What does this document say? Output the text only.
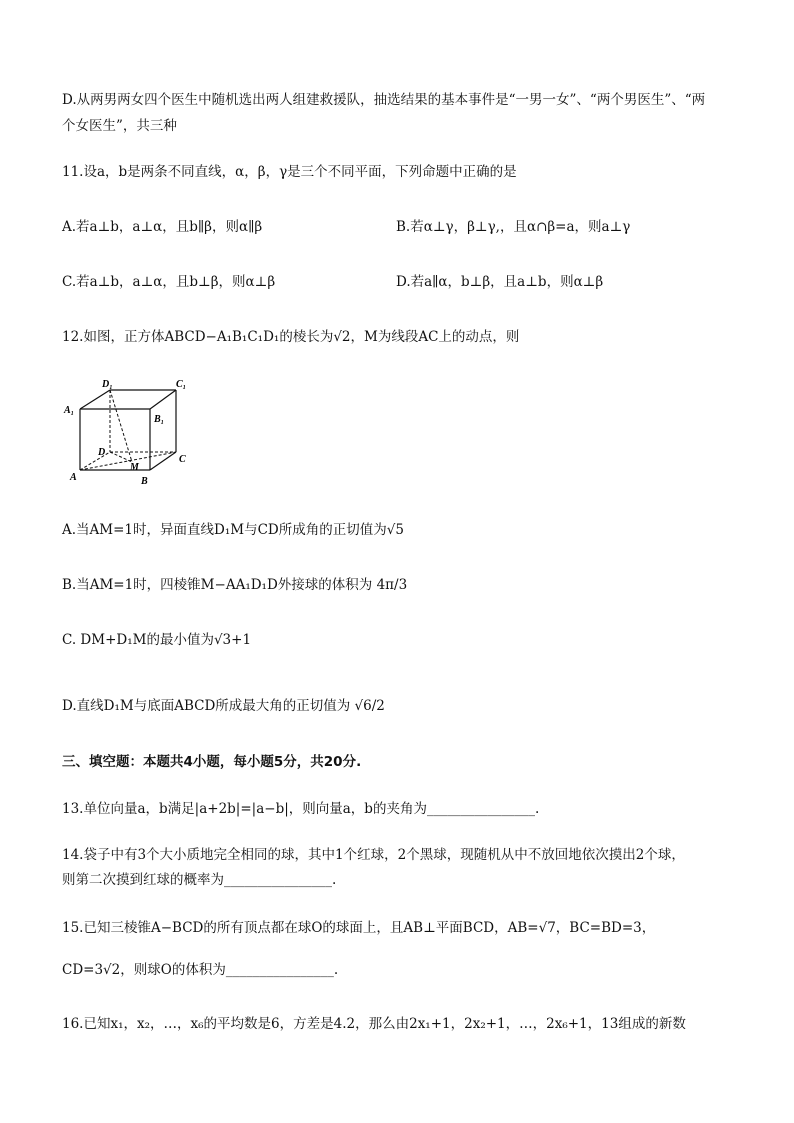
D.从两男两女四个医生中随机选出两人组建救援队，抽选结果的基本事件是“一男一女”、“两个男医生”、“两
个女医生”，共三种
11.设a，b是两条不同直线，α，β，γ是三个不同平面，下列命题中正确的是
A.若a⊥b，a⊥α，且b∥β，则α∥β	B.若α⊥γ，β⊥γ,，且α∩β=a，则a⊥γ
C.若a⊥b，a⊥α，且b⊥β，则α⊥β	D.若a∥α，b⊥β，且a⊥b，则α⊥β
12.如图，正方体ABCD−A₁B₁C₁D₁的棱长为√2，M为线段AC上的动点，则
D₁	C₁
A₁
B₁
D
C
A	B
M
A.当AM=1时，异面直线D₁M与CD所成角的正切值为√5
B.当AM=1时，四棱锥M−AA₁D₁D外接球的体积为 4π/3
C. DM+D₁M的最小值为√3+1
D.直线D₁M与底面ABCD所成最大角的正切值为 √6/2
三、填空题：本题共4小题，每小题5分，共20分.
13.单位向量a，b满足|a+2b|=|a−b|，则向量a，b的夹角为________________.
14.袋子中有3个大小质地完全相同的球，其中1个红球，2个黑球，现随机从中不放回地依次摸出2个球，
则第二次摸到红球的概率为________________.
15.已知三棱锥A−BCD的所有顶点都在球O的球面上，且AB⊥平面BCD，AB=√7，BC=BD=3，
CD=3√2，则球O的体积为________________.
16.已知x₁，x₂，…，x₆的平均数是6，方差是4.2，那么由2x₁+1，2x₂+1，…，2x₆+1，13组成的新数
